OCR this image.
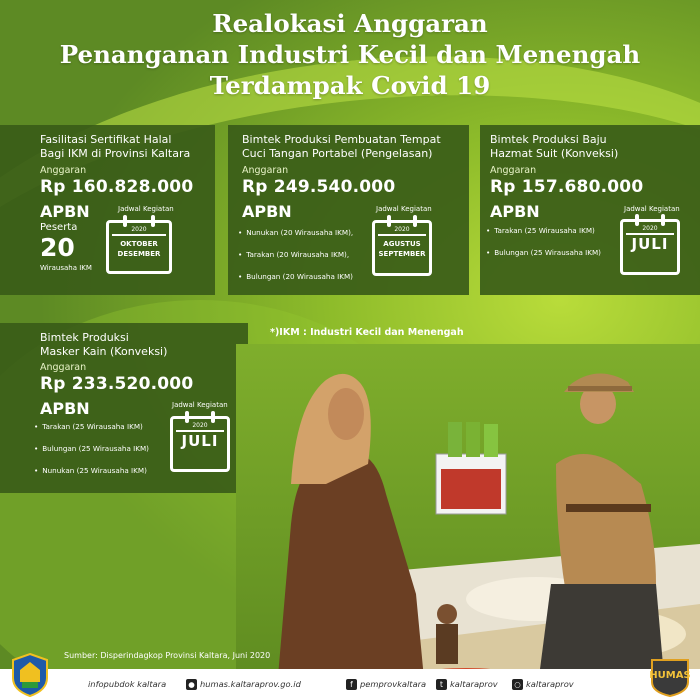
Realokasi Anggaran
Penanganan Industri Kecil dan Menengah
Terdampak Covid 19
Fasilitasi Sertifikat Halal
Bagi IKM di Provinsi Kaltara
Anggaran
Rp 160.828.000
APBN
Peserta
20
Wirausaha IKM
Jadwal Kegiatan
2020
OKTOBER
DESEMBER
Bimtek Produksi Pembuatan Tempat
Cuci Tangan Portabel (Pengelasan)
Anggaran
Rp 249.540.000
APBN
• Nunukan (20 Wirausaha IKM),
• Tarakan (20 Wirausaha IKM),
• Bulungan (20 Wirausaha IKM)
Jadwal Kegiatan
2020
AGUSTUS
SEPTEMBER
Bimtek Produksi Baju
Hazmat Suit (Konveksi)
Anggaran
Rp 157.680.000
APBN
• Tarakan (25 Wirausaha IKM)
• Bulungan (25 Wirausaha IKM)
Jadwal Kegiatan
2020
JULI
Bimtek Produksi
Masker Kain (Konveksi)
Anggaran
Rp 233.520.000
APBN
• Tarakan (25 Wirausaha IKM)
• Bulungan (25 Wirausaha IKM)
• Nunukan (25 Wirausaha IKM)
Jadwal Kegiatan
2020
JULI
*)IKM : Industri Kecil dan Menengah
Sumber: Disperindagkop Provinsi Kaltara, Juni 2020
infopubdok kaltara	● humas.kaltaraprov.go.id	f pemprovkaltara	t kaltaraprov ○ kaltaraprov
HUMAS
